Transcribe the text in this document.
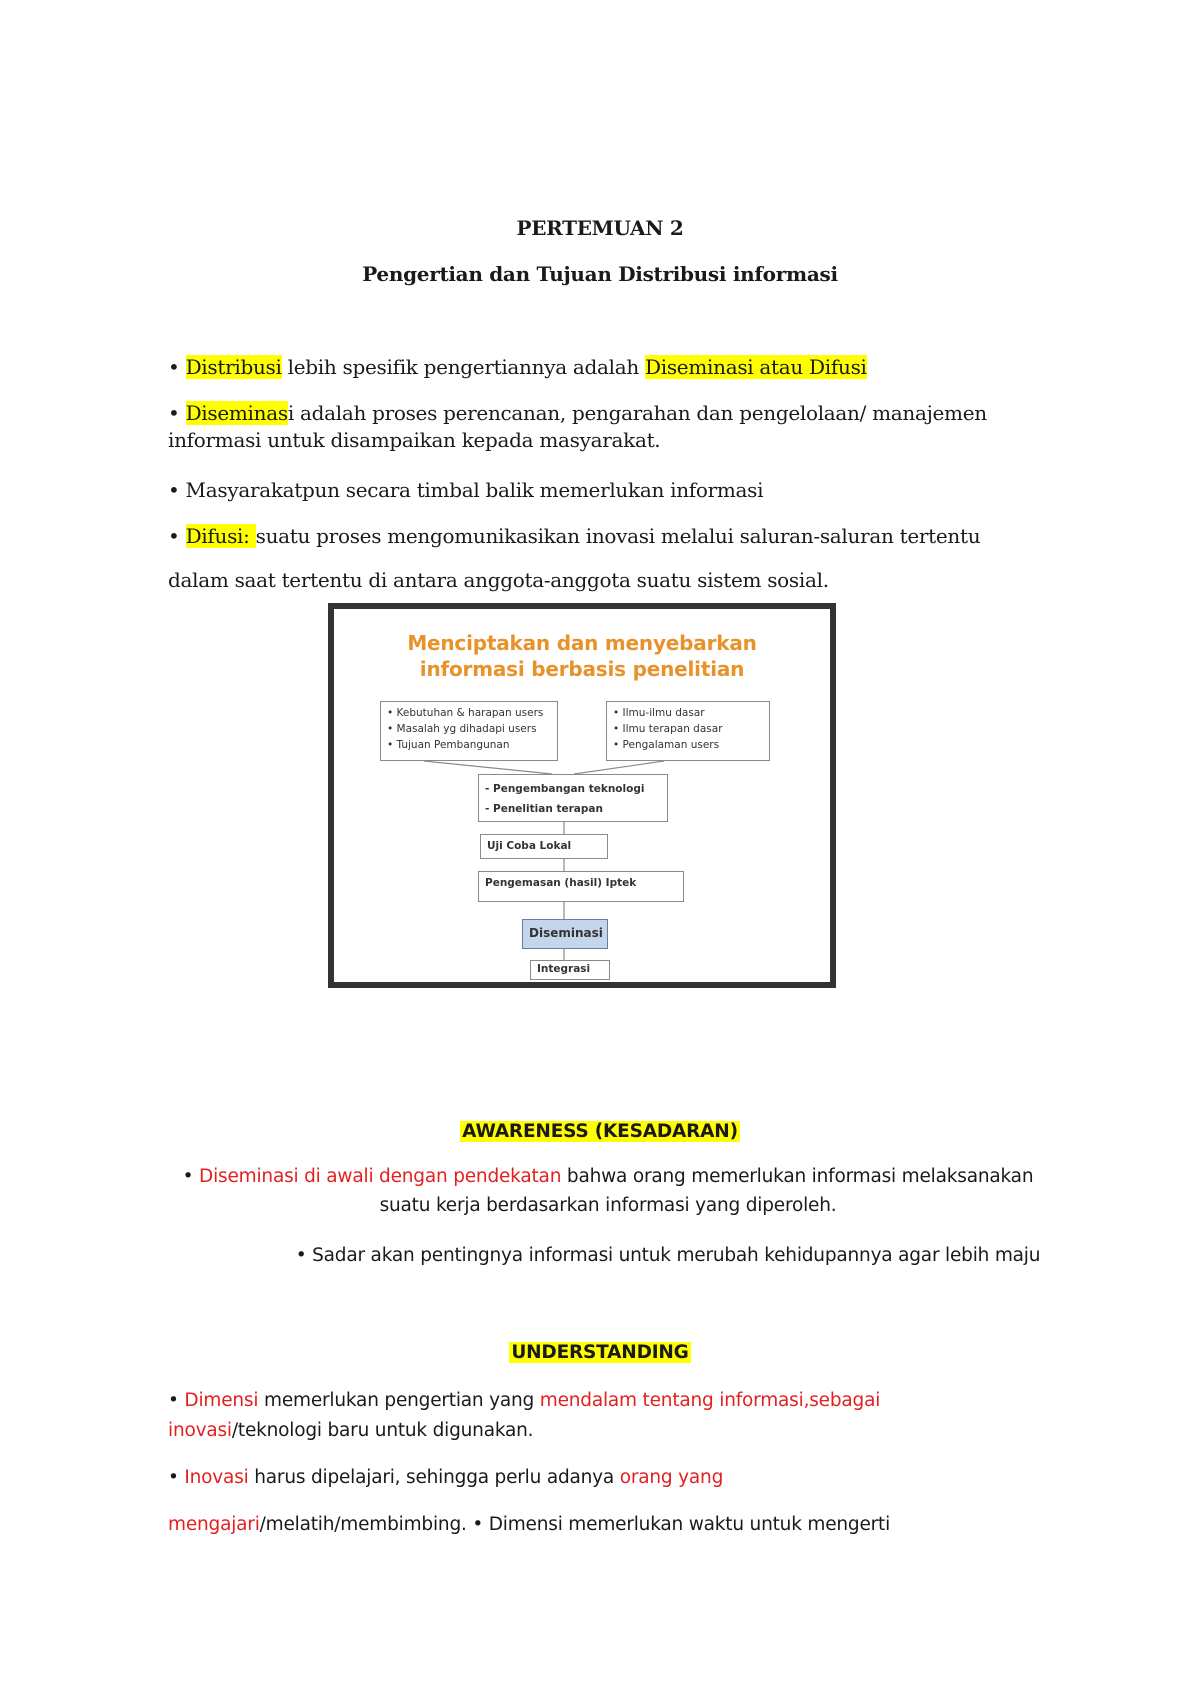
PERTEMUAN 2
Pengertian dan Tujuan Distribusi informasi
• Distribusi lebih spesifik pengertiannya adalah Diseminasi atau Difusi
• Diseminasi adalah proses perencanan, pengarahan dan pengelolaan/ manajemen
informasi untuk disampaikan kepada masyarakat.
• Masyarakatpun secara timbal balik memerlukan informasi
• Difusi: suatu proses mengomunikasikan inovasi melalui saluran-saluran tertentu
dalam saat tertentu di antara anggota-anggota suatu sistem sosial.
Menciptakan dan menyebarkan
informasi berbasis penelitian
• Kebutuhan & harapan users
• Masalah yg dihadapi users
• Tujuan Pembangunan
• Ilmu-ilmu dasar
• Ilmu terapan dasar
• Pengalaman users
- Pengembangan teknologi
- Penelitian terapan
Uji Coba Lokal
Pengemasan (hasil) Iptek
Diseminasi
Integrasi
AWARENESS (KESADARAN)
• Diseminasi di awali dengan pendekatan bahwa orang memerlukan informasi melaksanakan
suatu kerja berdasarkan informasi yang diperoleh.
• Sadar akan pentingnya informasi untuk merubah kehidupannya agar lebih maju
UNDERSTANDING
• Dimensi memerlukan pengertian yang mendalam tentang informasi,sebagai
inovasi/teknologi baru untuk digunakan.
• Inovasi harus dipelajari, sehingga perlu adanya orang yang
mengajari/melatih/membimbing. • Dimensi memerlukan waktu untuk mengerti
